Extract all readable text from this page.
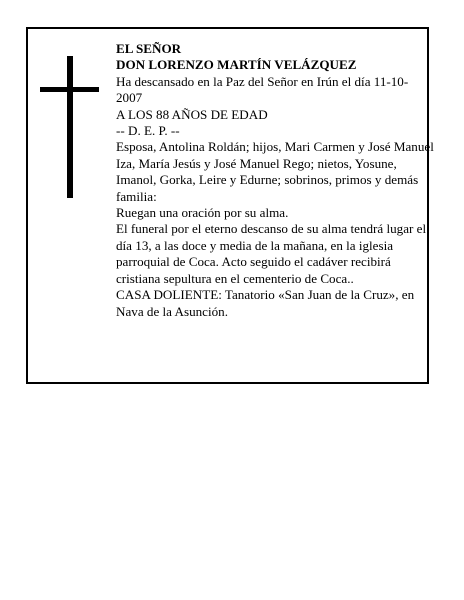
EL SEÑOR

DON LORENZO MARTÍN VELÁZQUEZ

Ha descansado en la Paz del Señor en Irún el día 11-10-2007

A LOS 88 AÑOS DE EDAD

-- D. E. P. --

Esposa, Antolina Roldán; hijos, Mari Carmen y José Manuel Iza, María Jesús y José Manuel Rego; nietos, Yosune, Imanol, Gorka, Leire y Edurne; sobrinos, primos y demás familia:

Ruegan una oración por su alma.

El funeral por el eterno descanso de su alma tendrá lugar el día 13, a las doce y media de la mañana, en la iglesia parroquial de Coca. Acto seguido el cadáver recibirá cristiana sepultura en el cementerio de Coca..

CASA DOLIENTE: Tanatorio «San Juan de la Cruz», en Nava de la Asunción.
